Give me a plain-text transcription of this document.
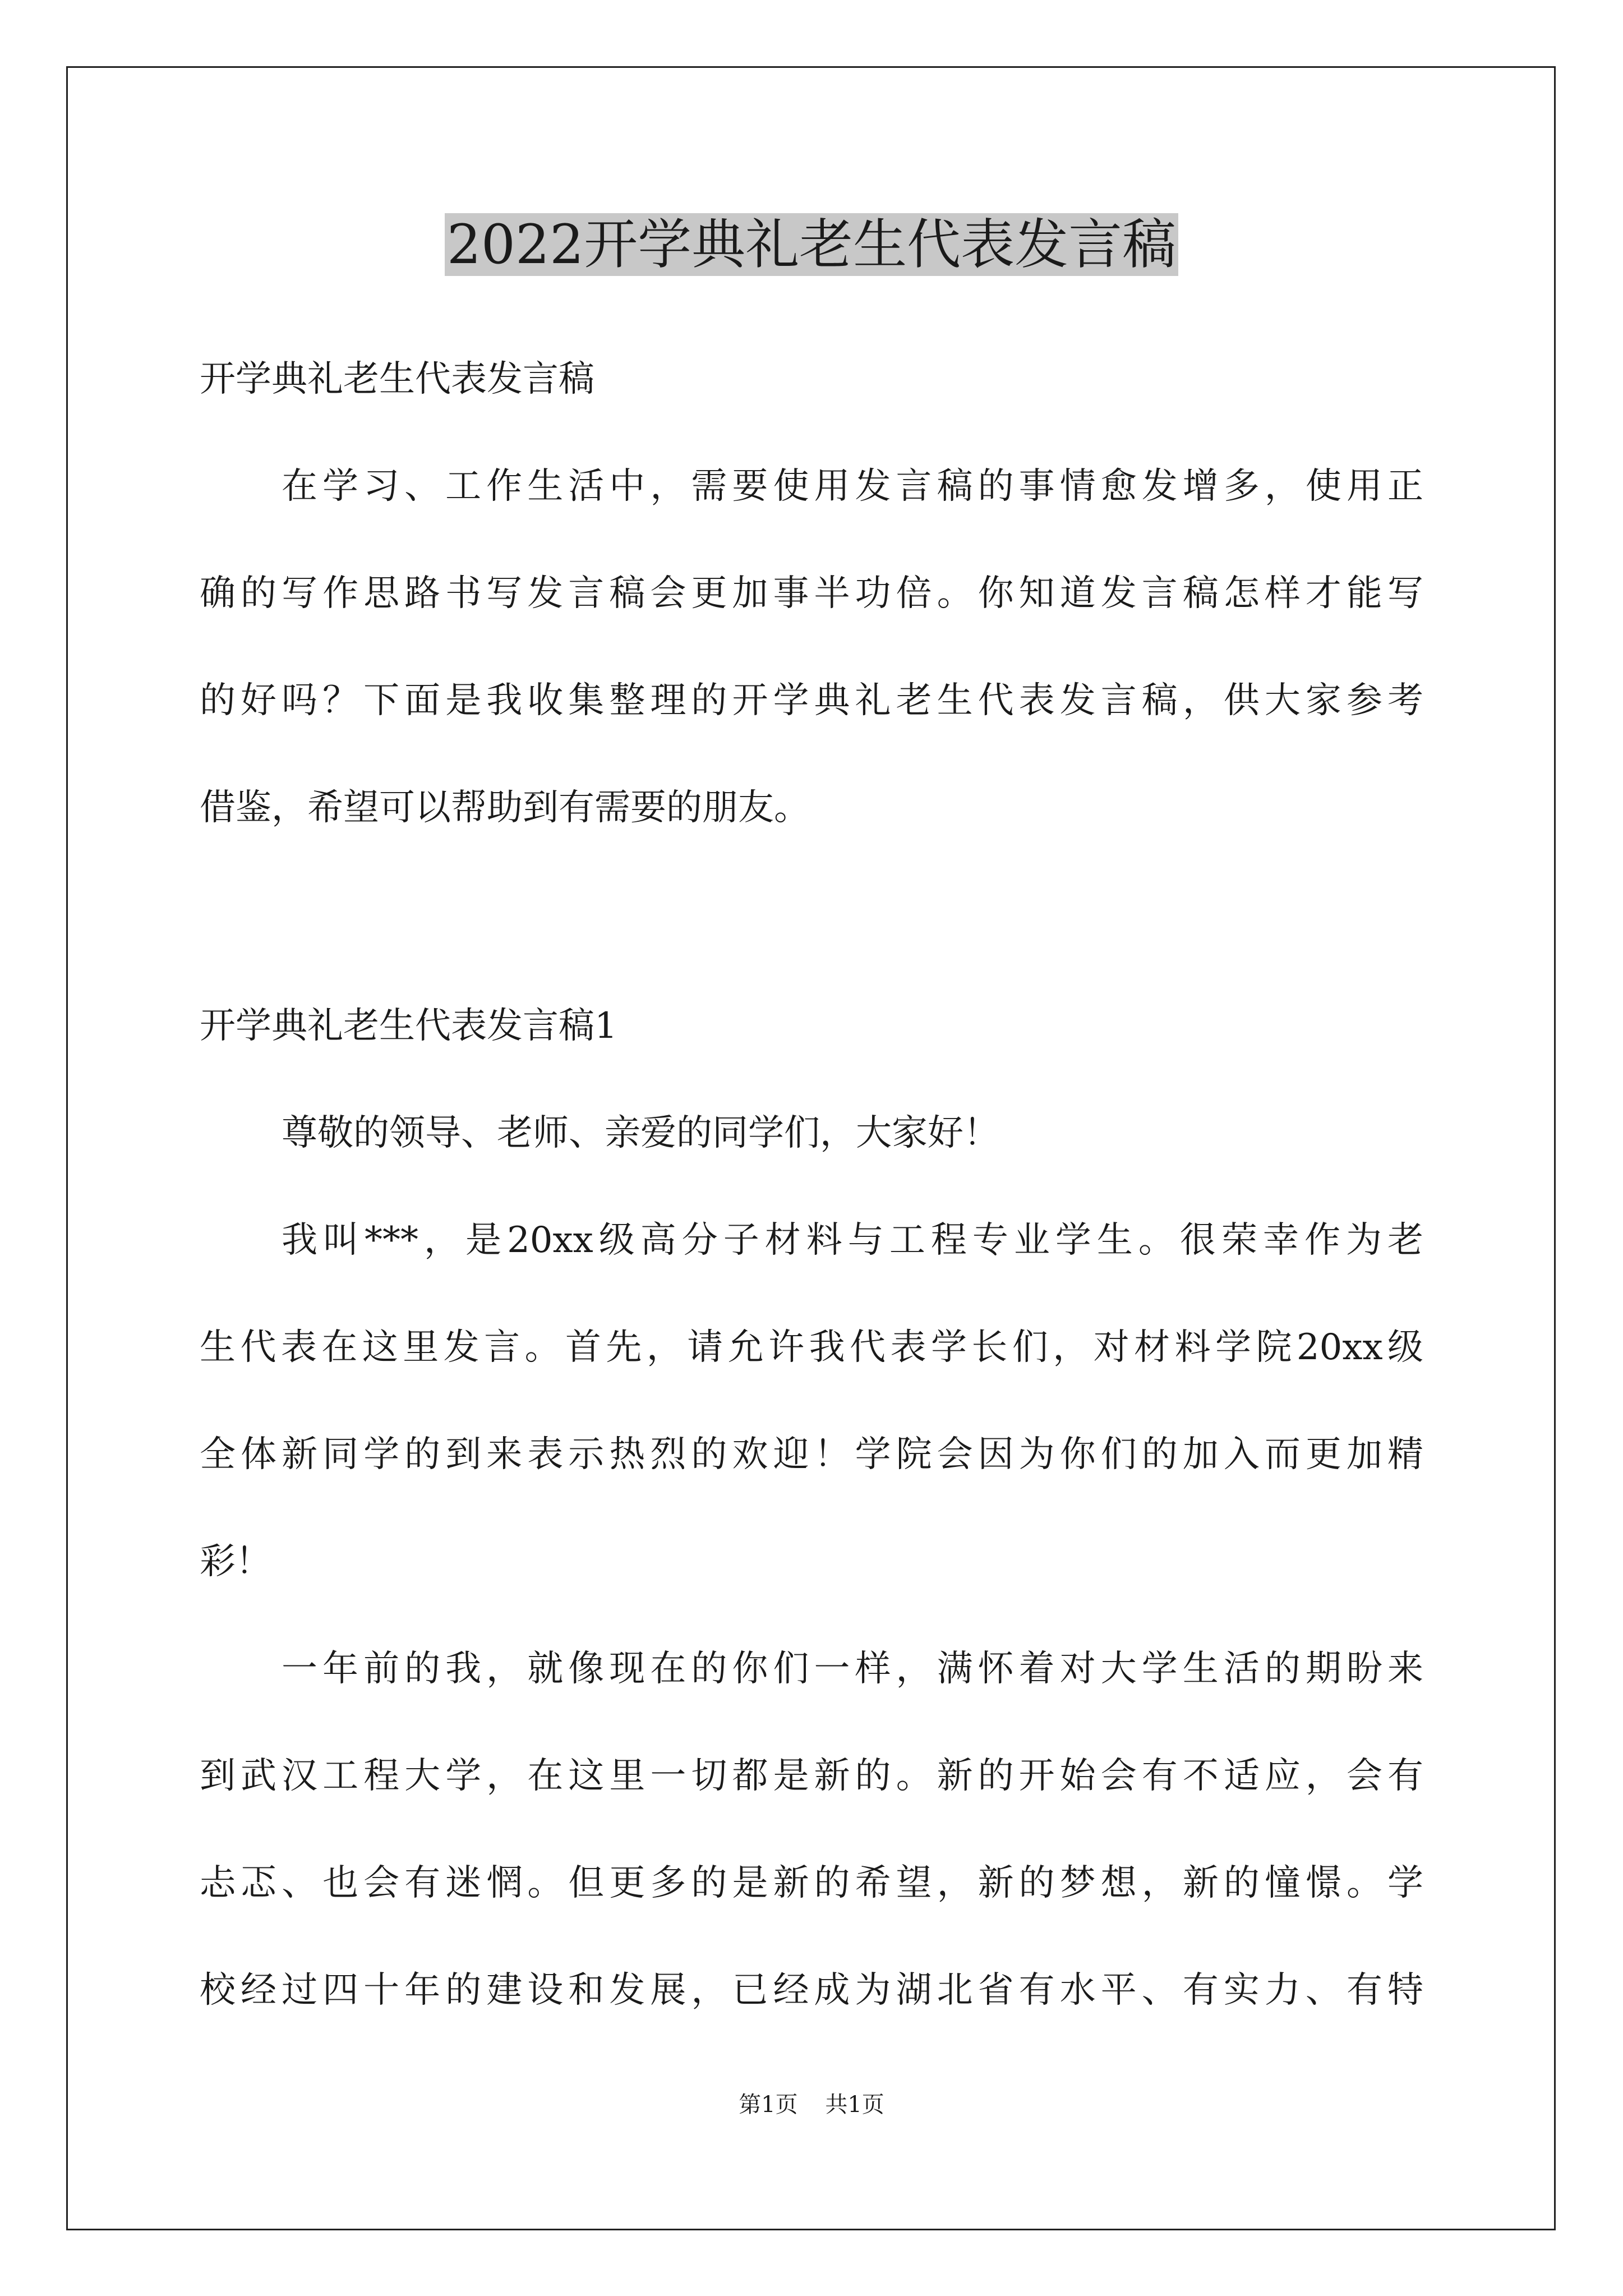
2022开学典礼老生代表发言稿
开学典礼老生代表发言稿
在学习、工作生活中，需要使用发言稿的事情愈发增多，使用正
确的写作思路书写发言稿会更加事半功倍。你知道发言稿怎样才能写
的好吗？下面是我收集整理的开学典礼老生代表发言稿，供大家参考
借鉴，希望可以帮助到有需要的朋友。
开学典礼老生代表发言稿1
尊敬的领导、老师、亲爱的同学们，大家好！
我叫***，是20xx级高分子材料与工程专业学生。很荣幸作为老
生代表在这里发言。首先，请允许我代表学长们，对材料学院20xx级
全体新同学的到来表示热烈的欢迎！学院会因为你们的加入而更加精
彩！
一年前的我，就像现在的你们一样，满怀着对大学生活的期盼来
到武汉工程大学，在这里一切都是新的。新的开始会有不适应，会有
忐忑、也会有迷惘。但更多的是新的希望，新的梦想，新的憧憬。学
校经过四十年的建设和发展，已经成为湖北省有水平、有实力、有特
第1页 共1页
